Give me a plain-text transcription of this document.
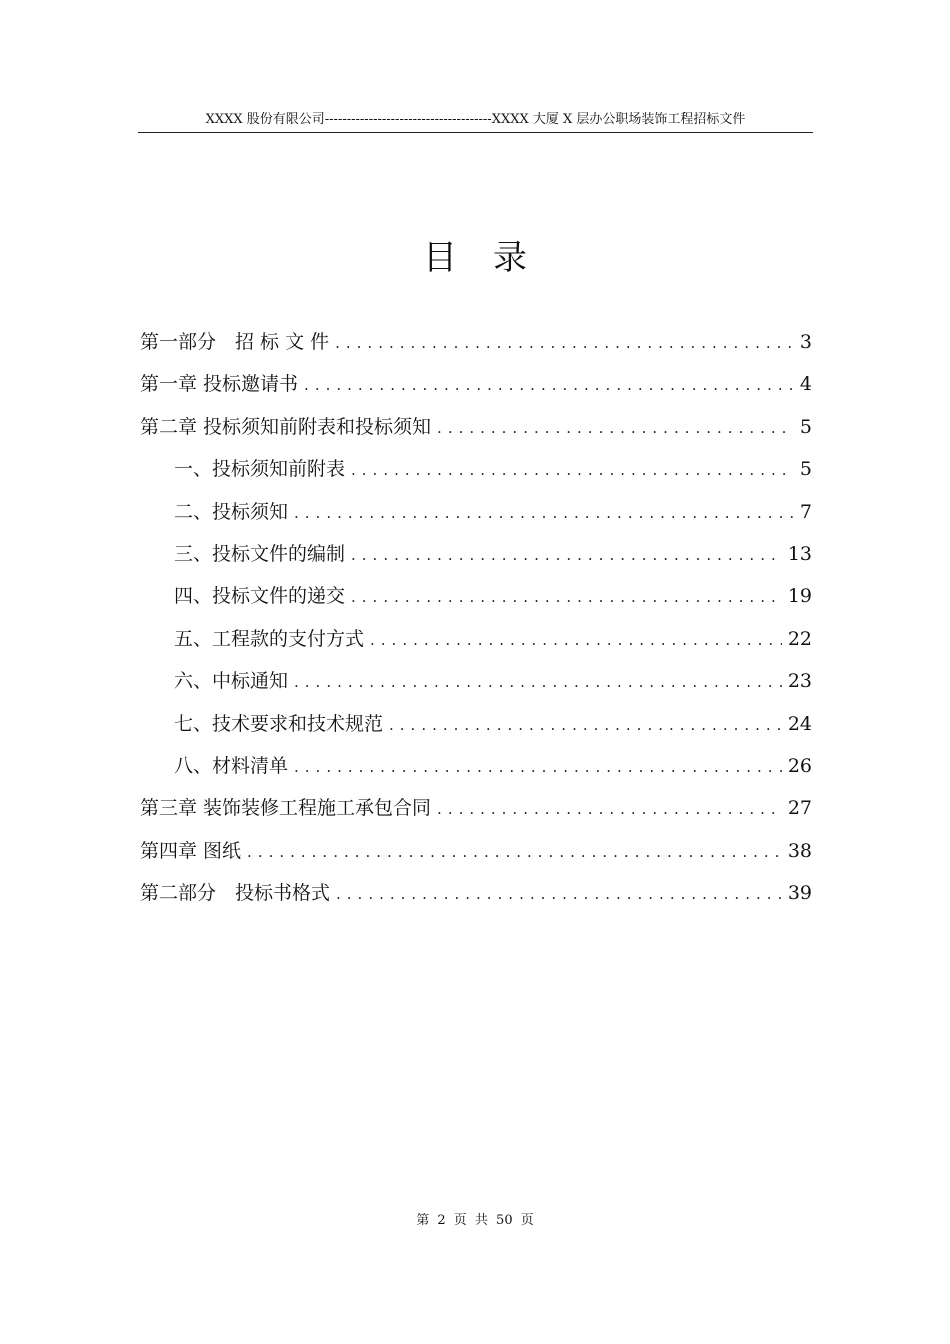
XXXX 股份有限公司--------------------------------------XXXX 大厦 X 层办公职场装饰工程招标文件
目 录
第一部分　招 标 文 件 .....	3
第一章 投标邀请书 .....	4
第二章 投标须知前附表和投标须知 .....	5
一、投标须知前附表 .....	5
二、投标须知 .....	7
三、投标文件的编制 .....	13
四、投标文件的递交 .....	19
五、工程款的支付方式 .....	22
六、中标通知 .....	23
七、技术要求和技术规范 .....	24
八、材料清单 .....	26
第三章 装饰装修工程施工承包合同 .....	27
第四章 图纸 .....	38
第二部分　投标书格式 .....	39
第 2 页 共 50 页
